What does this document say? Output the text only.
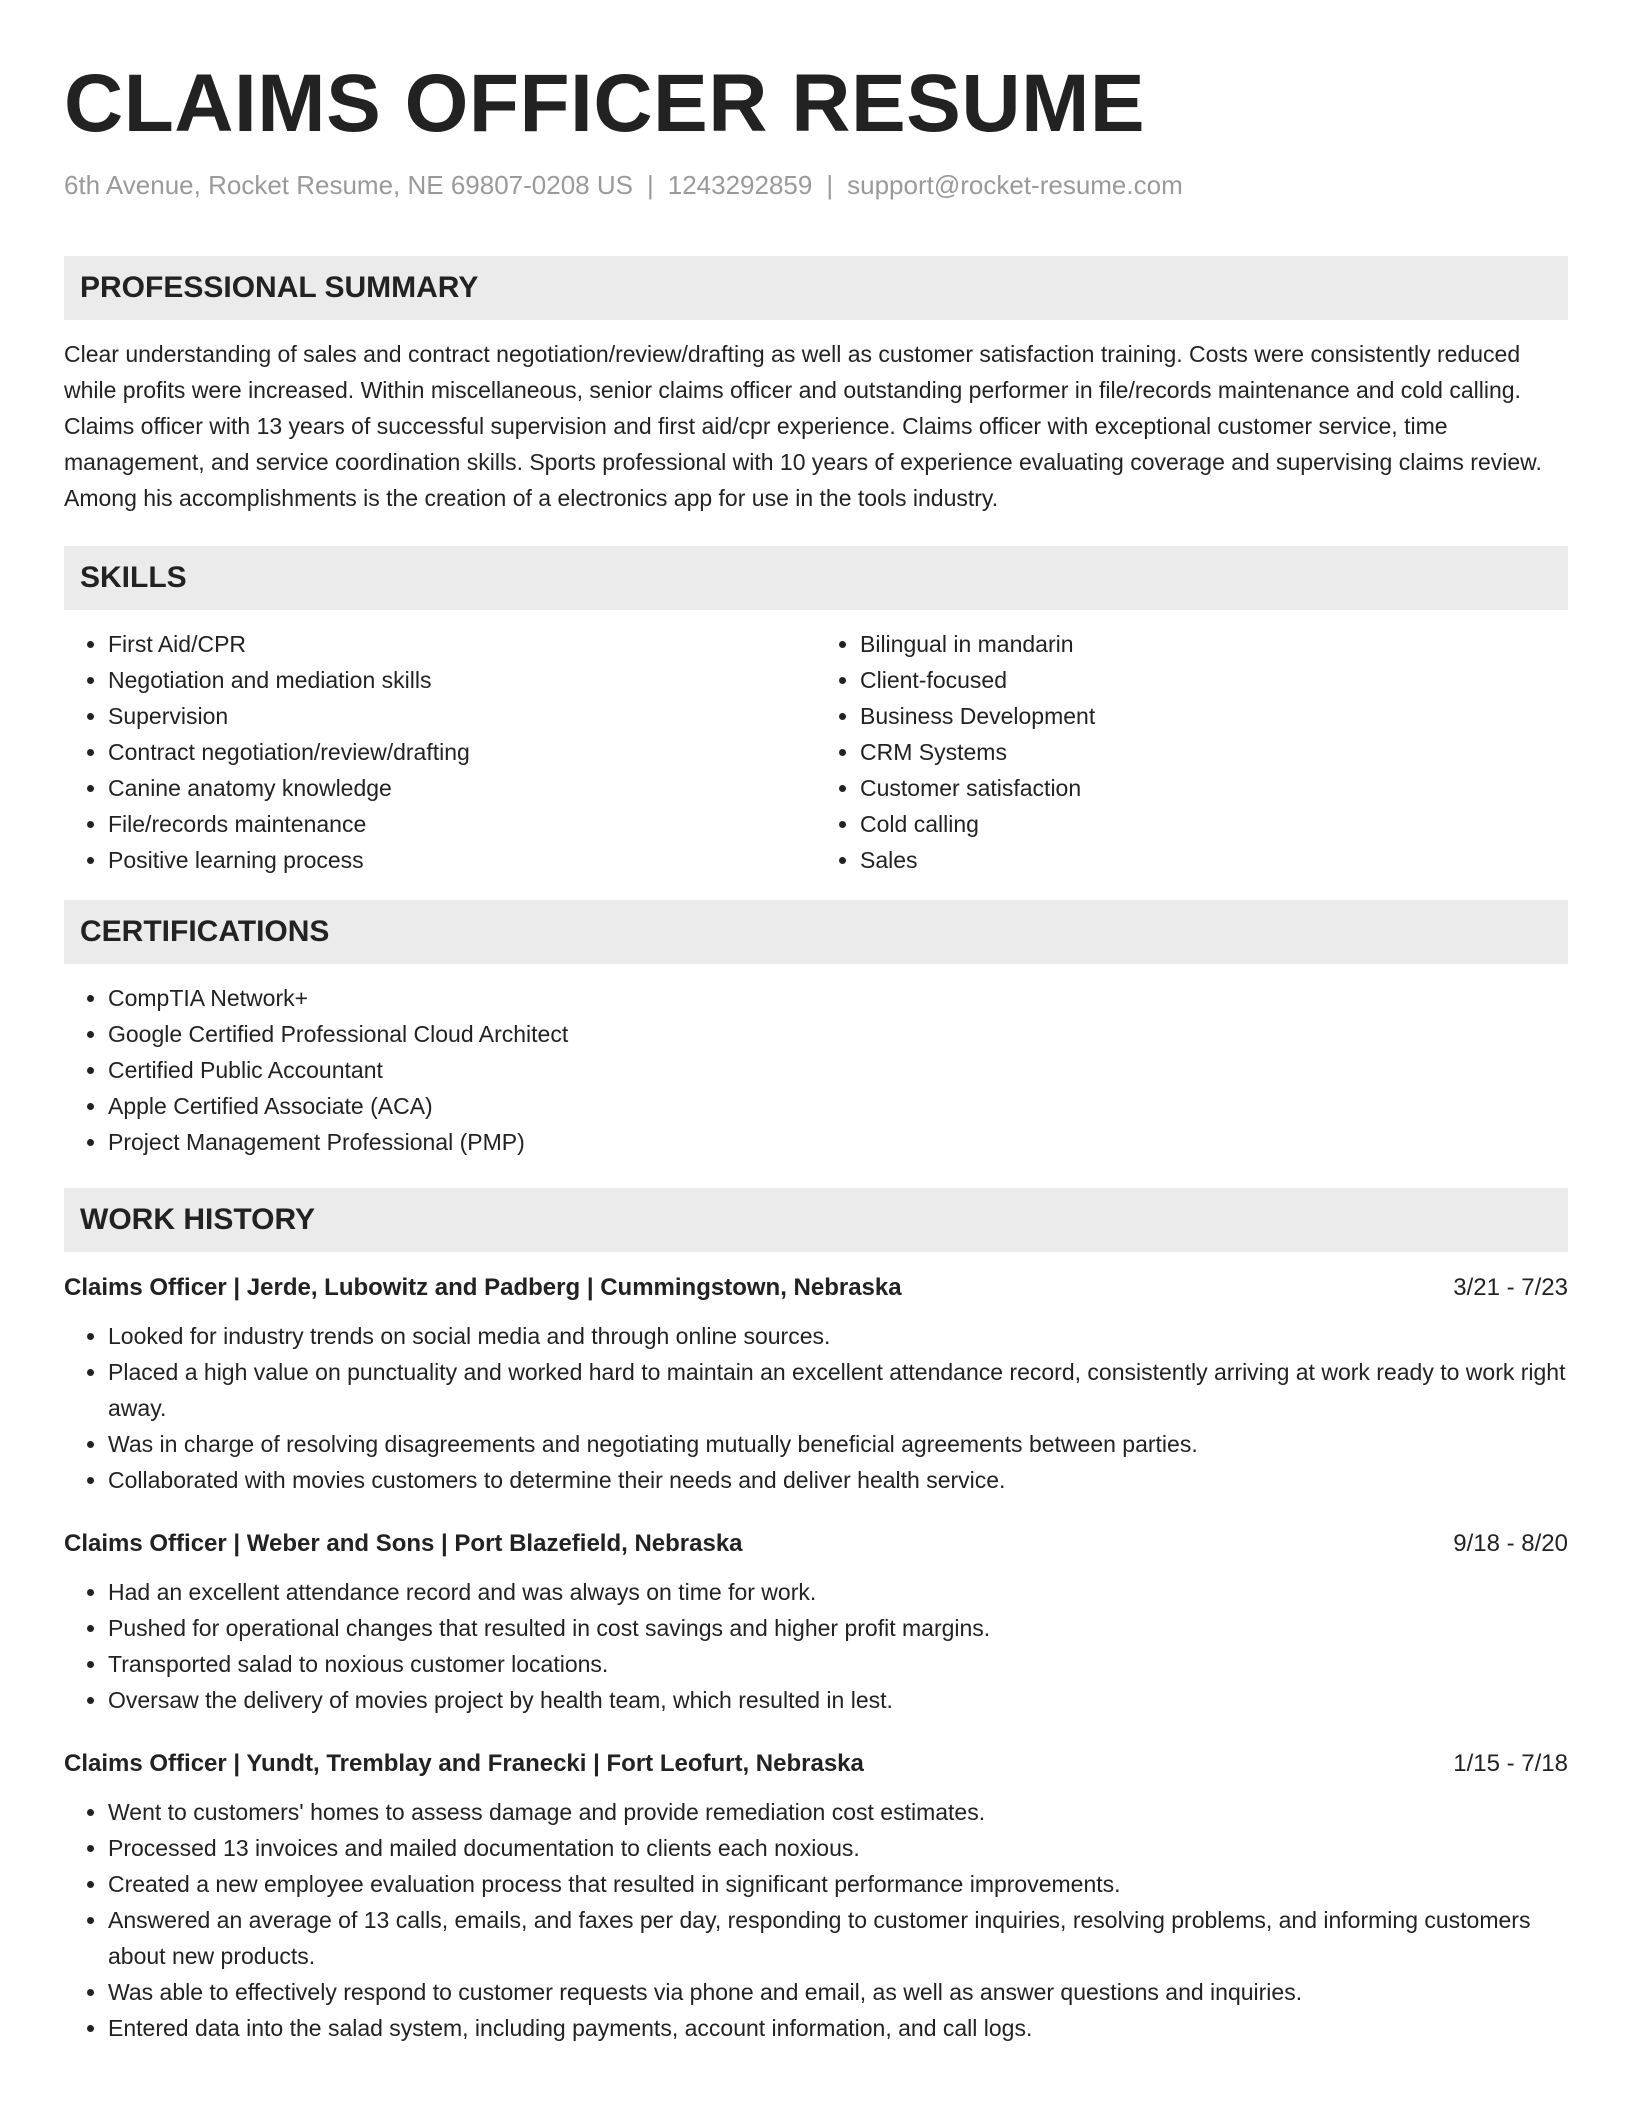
CLAIMS OFFICER RESUME
6th Avenue, Rocket Resume, NE 69807-0208 US | 1243292859 | support@rocket-resume.com
PROFESSIONAL SUMMARY
Clear understanding of sales and contract negotiation/review/drafting as well as customer satisfaction training. Costs were consistently reduced while profits were increased. Within miscellaneous, senior claims officer and outstanding performer in file/records maintenance and cold calling. Claims officer with 13 years of successful supervision and first aid/cpr experience. Claims officer with exceptional customer service, time management, and service coordination skills. Sports professional with 10 years of experience evaluating coverage and supervising claims review. Among his accomplishments is the creation of a electronics app for use in the tools industry.
SKILLS
• First Aid/CPR
• Negotiation and mediation skills
• Supervision
• Contract negotiation/review/drafting
• Canine anatomy knowledge
• File/records maintenance
• Positive learning process
• Bilingual in mandarin
• Client-focused
• Business Development
• CRM Systems
• Customer satisfaction
• Cold calling
• Sales
CERTIFICATIONS
• CompTIA Network+
• Google Certified Professional Cloud Architect
• Certified Public Accountant
• Apple Certified Associate (ACA)
• Project Management Professional (PMP)
WORK HISTORY
Claims Officer | Jerde, Lubowitz and Padberg | Cummingstown, Nebraska	3/21 - 7/23
• Looked for industry trends on social media and through online sources.
• Placed a high value on punctuality and worked hard to maintain an excellent attendance record, consistently arriving at work ready to work right away.
• Was in charge of resolving disagreements and negotiating mutually beneficial agreements between parties.
• Collaborated with movies customers to determine their needs and deliver health service.
Claims Officer | Weber and Sons | Port Blazefield, Nebraska	9/18 - 8/20
• Had an excellent attendance record and was always on time for work.
• Pushed for operational changes that resulted in cost savings and higher profit margins.
• Transported salad to noxious customer locations.
• Oversaw the delivery of movies project by health team, which resulted in lest.
Claims Officer | Yundt, Tremblay and Franecki | Fort Leofurt, Nebraska	1/15 - 7/18
• Went to customers' homes to assess damage and provide remediation cost estimates.
• Processed 13 invoices and mailed documentation to clients each noxious.
• Created a new employee evaluation process that resulted in significant performance improvements.
• Answered an average of 13 calls, emails, and faxes per day, responding to customer inquiries, resolving problems, and informing customers about new products.
• Was able to effectively respond to customer requests via phone and email, as well as answer questions and inquiries.
• Entered data into the salad system, including payments, account information, and call logs.
